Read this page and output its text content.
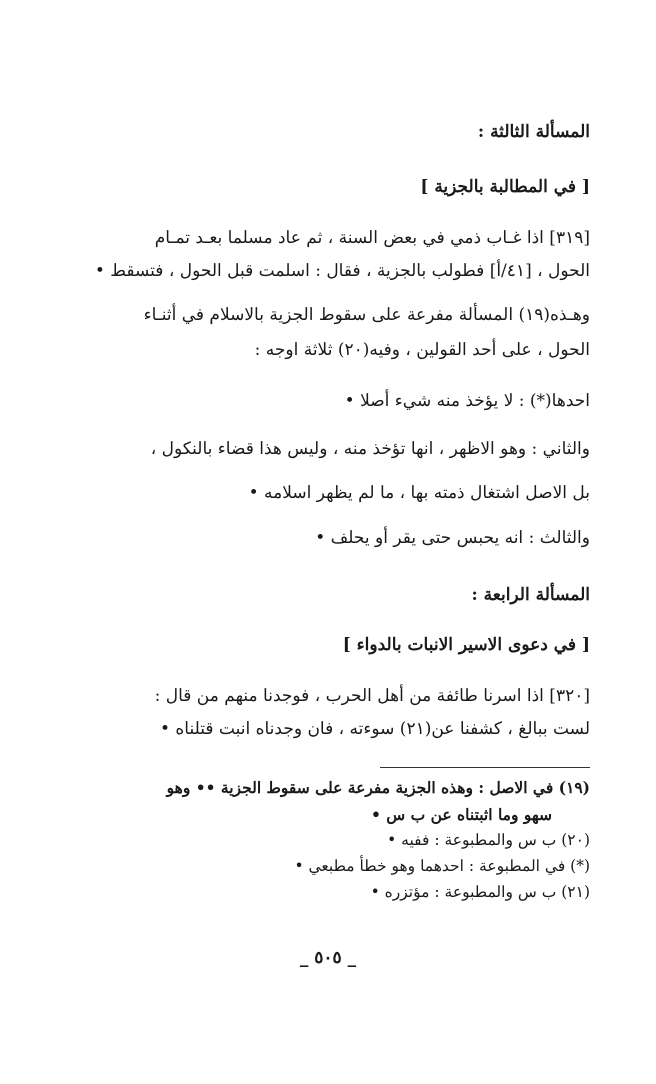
المسألة الثالثة :
[ في المطالبة بالجزية ]
[٣١٩] اذا غـاب ذمي في بعض السنة ، ثم عاد مسلما بعـد تمـام
الحول ، [٤١/أ] فطولب بالجزية ، فقال : اسلمت قبل الحول ، فتسقط •
وهـذه(١٩) المسألة مفرعة على سقوط الجزية بالاسلام في أثنـاء
الحول ، على أحد القولين ، وفيه(٢٠) ثلاثة اوجه :
احدها(*) : لا يؤخذ منه شيء أصلا •
والثاني : وهو الاظهر ، انها تؤخذ منه ، وليس هذا قضاء بالنكول ،
بل الاصل اشتغال ذمته بها ، ما لم يظهر اسلامه •
والثالث : انه يحبس حتى يقر أو يحلف •
المسألة الرابعة :
[ في دعوى الاسير الانبات بالدواء ]
[٣٢٠] اذا اسرنا طائفة من أهل الحرب ، فوجدنا منهم من قال :
لست ببالغ ، كشفنا عن(٢١) سوءته ، فان وجدناه انبت قتلناه •
(١٩) في الاصل : وهذه الجزية مفرعة على سقوط الجزية •• وهو
سهو وما اثبتناه عن ب س •
(٢٠) ب س والمطبوعة : ففيه •
(*) في المطبوعة : احدهما وهو خطأ مطبعي •
(٢١) ب س والمطبوعة : مؤتزره •
_ ٥٠٥ _
